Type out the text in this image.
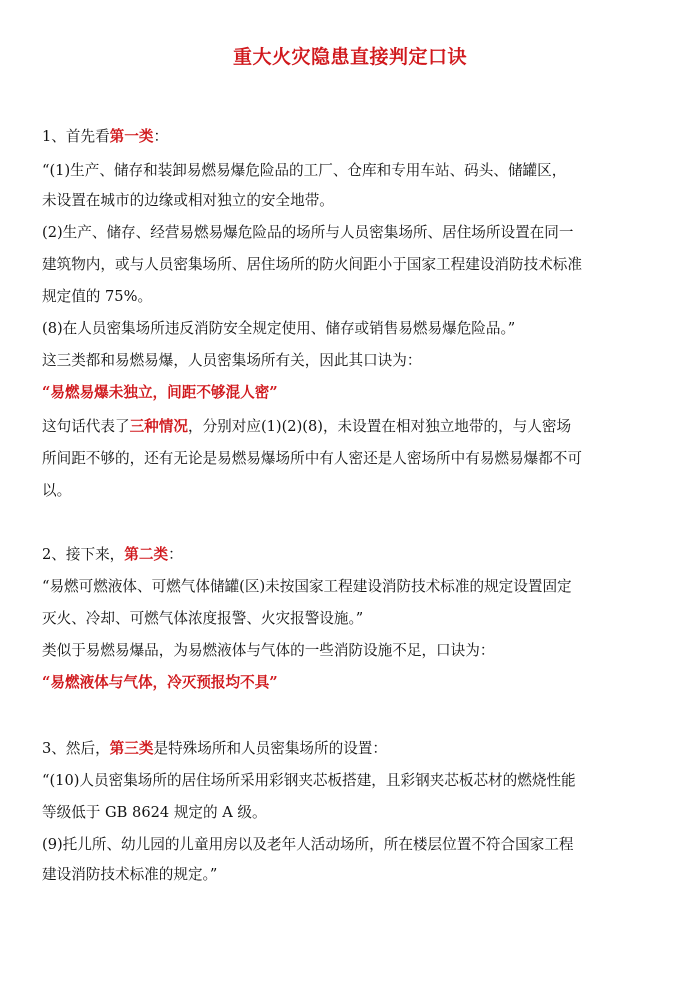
重大火灾隐患直接判定口诀
1、首先看第一类：
“(1)生产、储存和装卸易燃易爆危险品的工厂、仓库和专用车站、码头、储罐区，
未设置在城市的边缘或相对独立的安全地带。
(2)生产、储存、经营易燃易爆危险品的场所与人员密集场所、居住场所设置在同一
建筑物内，或与人员密集场所、居住场所的防火间距小于国家工程建设消防技术标准
规定值的 75%。
(8)在人员密集场所违反消防安全规定使用、储存或销售易燃易爆危险品。”
这三类都和易燃易爆，人员密集场所有关，因此其口诀为：
“易燃易爆未独立，间距不够混人密”
这句话代表了三种情况，分别对应(1)(2)(8)，未设置在相对独立地带的，与人密场
所间距不够的，还有无论是易燃易爆场所中有人密还是人密场所中有易燃易爆都不可
以。
2、接下来，第二类：
“易燃可燃液体、可燃气体储罐(区)未按国家工程建设消防技术标准的规定设置固定
灭火、冷却、可燃气体浓度报警、火灾报警设施。”
类似于易燃易爆品，为易燃液体与气体的一些消防设施不足，口诀为：
“易燃液体与气体，冷灭预报均不具”
3、然后，第三类是特殊场所和人员密集场所的设置：
“(10)人员密集场所的居住场所采用彩钢夹芯板搭建，且彩钢夹芯板芯材的燃烧性能
等级低于 GB 8624 规定的 A 级。
(9)托儿所、幼儿园的儿童用房以及老年人活动场所，所在楼层位置不符合国家工程
建设消防技术标准的规定。”
